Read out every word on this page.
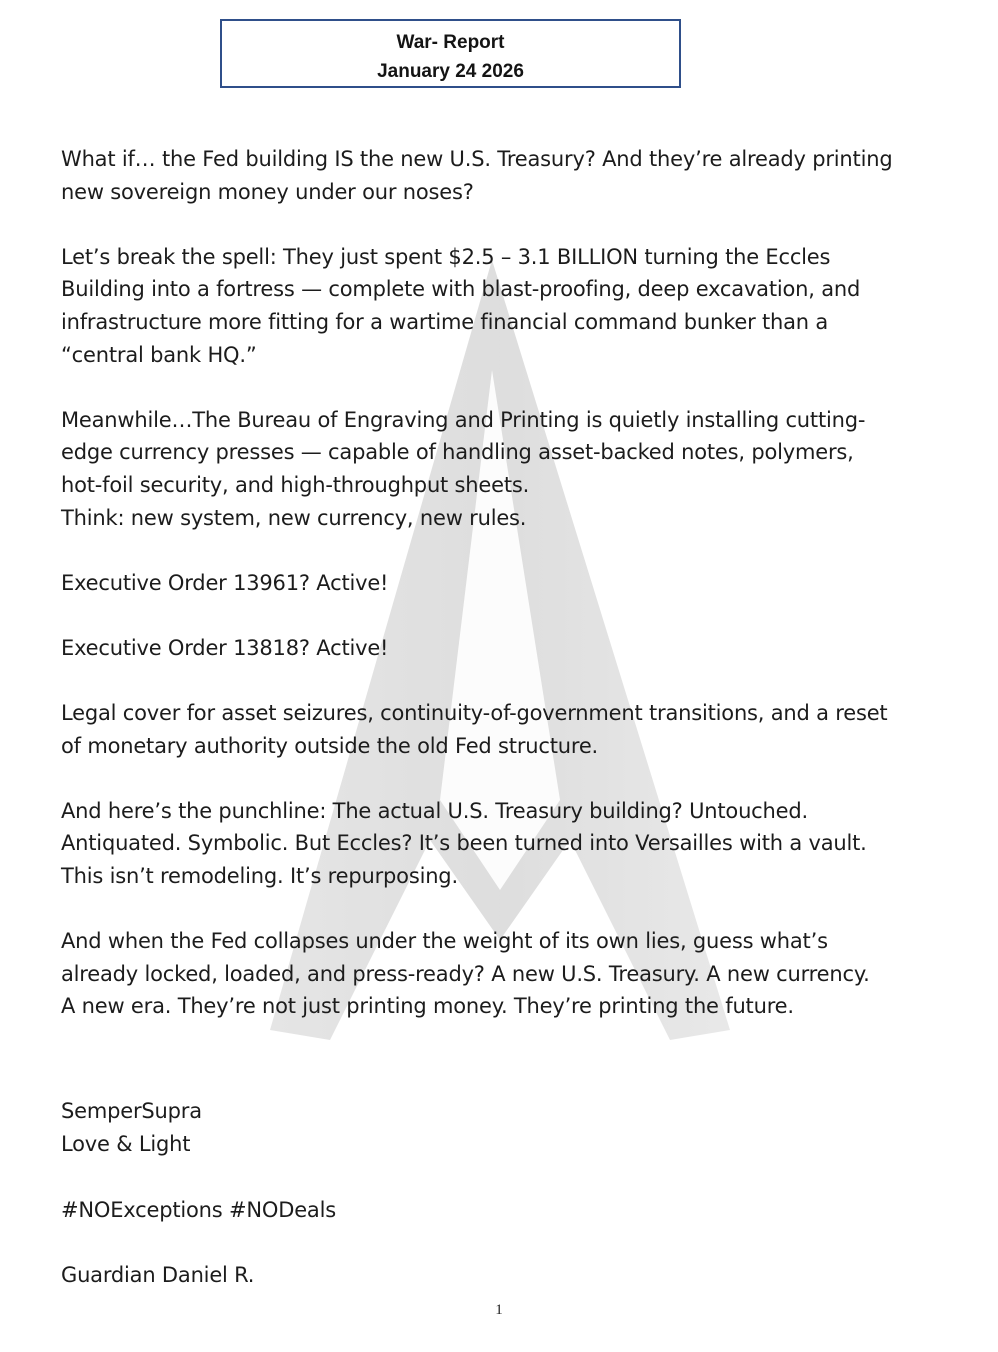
War- Report
January 24 2026

What if… the Fed building IS the new U.S. Treasury? And they’re already printing
new sovereign money under our noses?

Let’s break the spell: They just spent $2.5 – 3.1 BILLION turning the Eccles
Building into a fortress — complete with blast-proofing, deep excavation, and
infrastructure more fitting for a wartime financial command bunker than a
“central bank HQ.”

Meanwhile…The Bureau of Engraving and Printing is quietly installing cutting-
edge currency presses — capable of handling asset-backed notes, polymers,
hot-foil security, and high-throughput sheets.
Think: new system, new currency, new rules.

Executive Order 13961? Active!

Executive Order 13818? Active!

Legal cover for asset seizures, continuity-of-government transitions, and a reset
of monetary authority outside the old Fed structure.

And here’s the punchline: The actual U.S. Treasury building? Untouched.
Antiquated. Symbolic. But Eccles? It’s been turned into Versailles with a vault.
This isn’t remodeling. It’s repurposing.

And when the Fed collapses under the weight of its own lies, guess what’s
already locked, loaded, and press-ready? A new U.S. Treasury. A new currency.
A new era. They’re not just printing money. They’re printing the future.

SemperSupra
Love & Light
#NOExceptions #NODeals
Guardian Daniel R.
1
